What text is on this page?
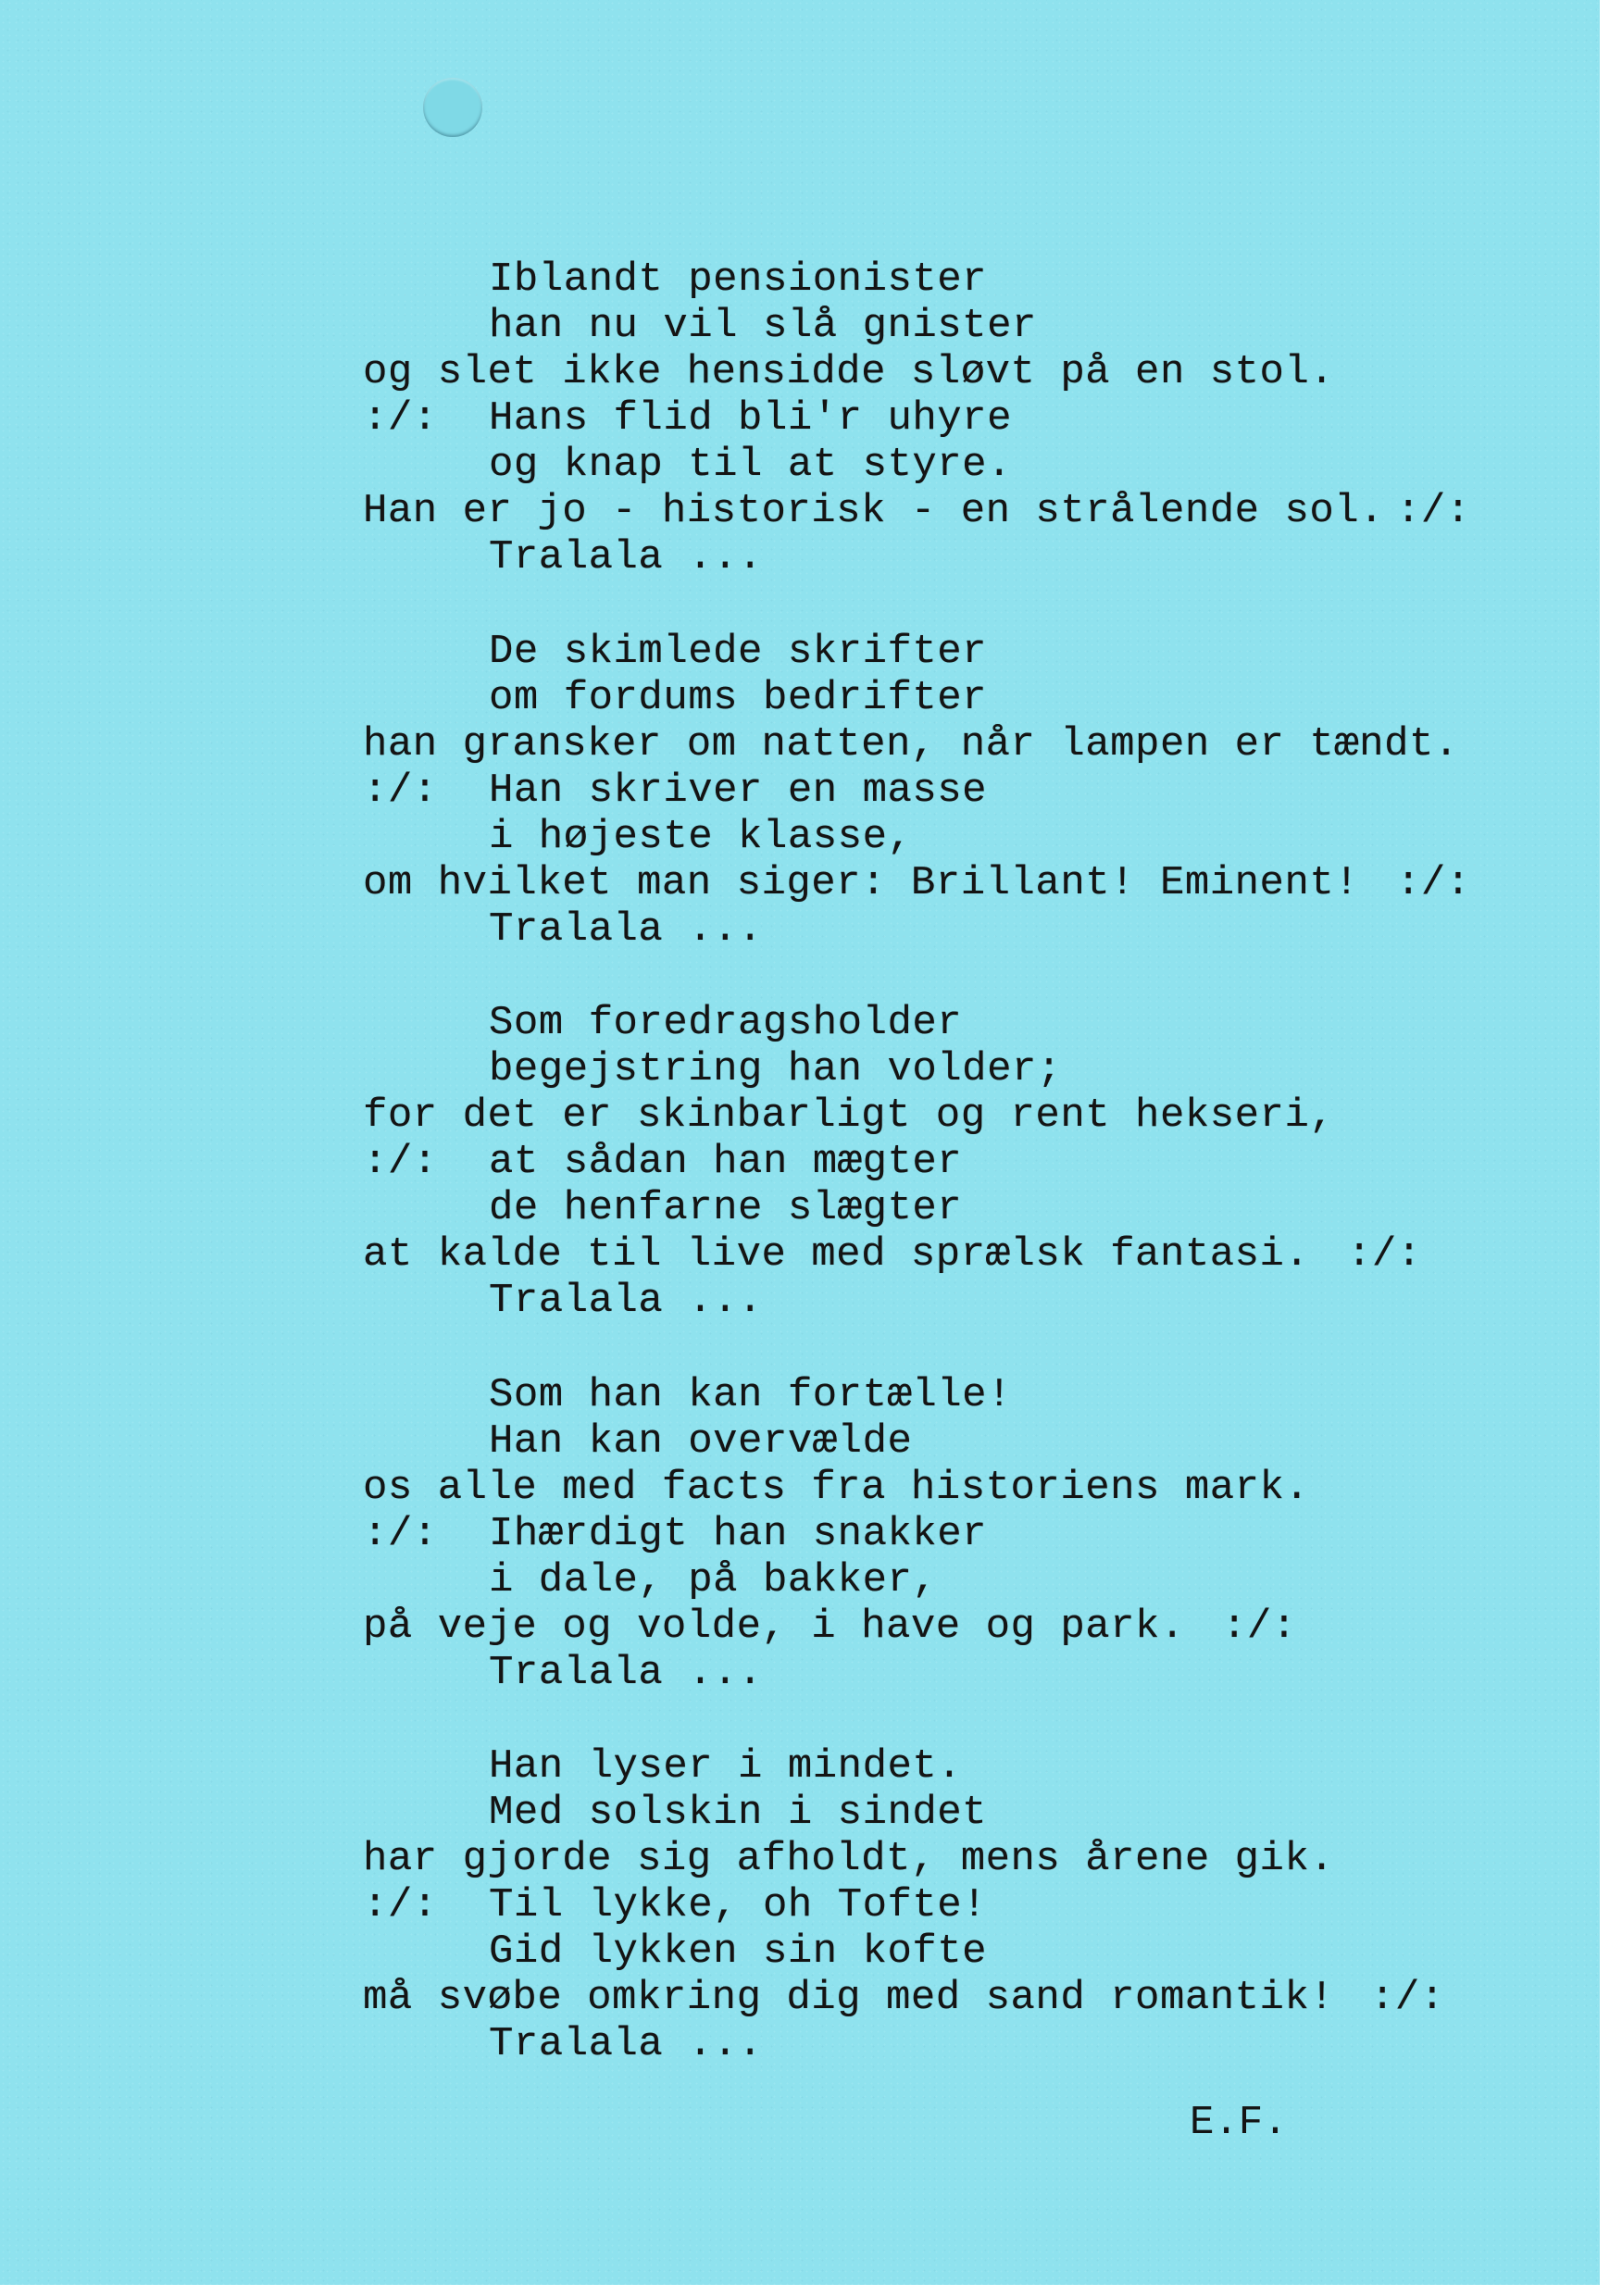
Iblandt pensionister
han nu vil slå gnister
og slet ikke hensidde sløvt på en stol.
:/: Hans flid bli'r uhyre
og knap til at styre.
Han er jo - historisk - en strålende sol. :/:
Tralala ...
De skimlede skrifter
om fordums bedrifter
han gransker om natten, når lampen er tændt.
:/: Han skriver en masse
i højeste klasse,
om hvilket man siger: Brillant! Eminent! :/:
Tralala ...
Som foredragsholder
begejstring han volder;
for det er skinbarligt og rent hekseri,
:/: at sådan han mægter
de henfarne slægter
at kalde til live med sprælsk fantasi. :/:
Tralala ...
Som han kan fortælle!
Han kan overvælde
os alle med facts fra historiens mark.
:/: Ihærdigt han snakker
i dale, på bakker,
på veje og volde, i have og park. :/:
Tralala ...
Han lyser i mindet.
Med solskin i sindet
har gjorde sig afholdt, mens årene gik.
:/: Til lykke, oh Tofte!
Gid lykken sin kofte
må svøbe omkring dig med sand romantik! :/:
Tralala ...
E.F.
